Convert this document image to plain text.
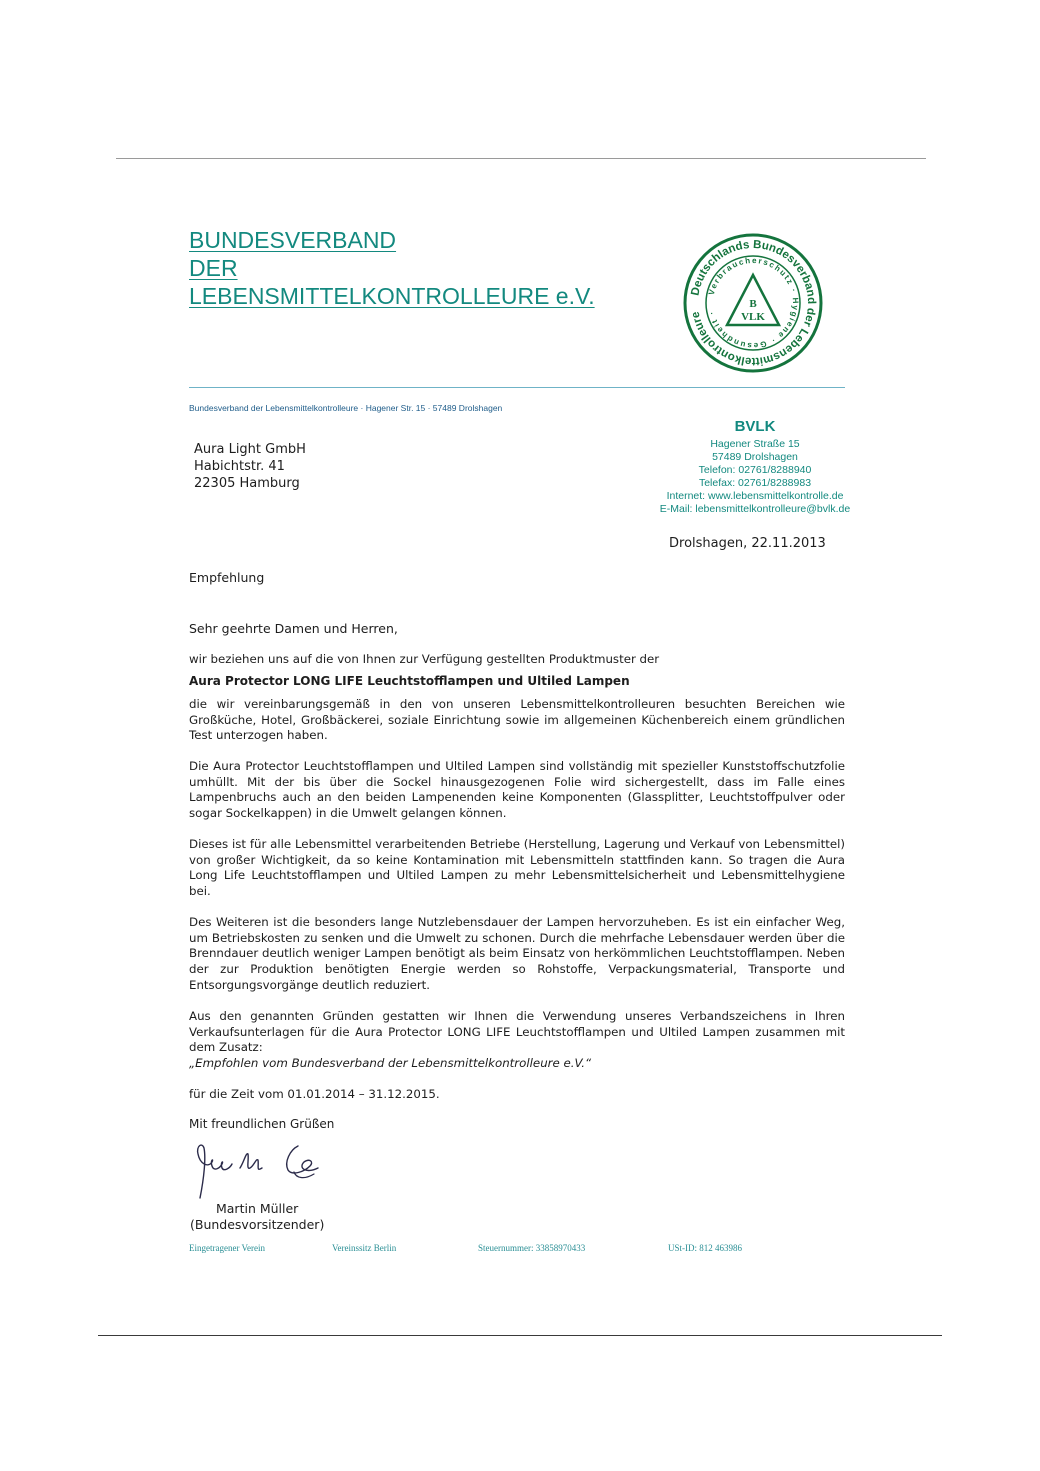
BUNDESVERBAND
DER
LEBENSMITTELKONTROLLEURE e.V.	Deutschlands Bundesverband der Lebensmittelkontrolleure
Verbraucherschutz · Hygiene · Gesundheit ·
B
VLK
Bundesverband der Lebensmittelkontrolleure · Hagener Str. 15 · 57489 Drolshagen
Aura Light GmbH
Habichtstr. 41
22305 Hamburg
BVLK
Hagener Straße 15
57489 Drolshagen
Telefon: 02761/8288940
Telefax: 02761/8288983
Internet: www.lebensmittelkontrolle.de
E-Mail: lebensmittelkontrolleure@bvlk.de
Drolshagen, 22.11.2013
Empfehlung
Sehr geehrte Damen und Herren,
wir beziehen uns auf die von Ihnen zur Verfügung gestellten Produktmuster der
Aura Protector LONG LIFE Leuchtstofflampen und Ultiled Lampen
die wir vereinbarungsgemäß in den von unseren Lebensmittelkontrolleuren besuchten Bereichen wie Großküche, Hotel, Großbäckerei, soziale Einrichtung sowie im allgemeinen Küchenbereich einem gründlichen Test unterzogen haben.
Die Aura Protector Leuchtstofflampen und Ultiled Lampen sind vollständig mit spezieller Kunststoffschutzfolie umhüllt. Mit der bis über die Sockel hinausgezogenen Folie wird sichergestellt, dass im Falle eines Lampenbruchs auch an den beiden Lampenenden keine Komponenten (Glassplitter, Leuchtstoffpulver oder sogar Sockelkappen) in die Umwelt gelangen können.
Dieses ist für alle Lebensmittel verarbeitenden Betriebe (Herstellung, Lagerung und Verkauf von Lebensmittel) von großer Wichtigkeit, da so keine Kontamination mit Lebensmitteln stattfinden kann. So tragen die Aura Long Life Leuchtstofflampen und Ultiled Lampen zu mehr Lebensmittelsicherheit und Lebensmittelhygiene bei.
Des Weiteren ist die besonders lange Nutzlebensdauer der Lampen hervorzuheben. Es ist ein einfacher Weg, um Betriebskosten zu senken und die Umwelt zu schonen. Durch die mehrfache Lebensdauer werden über die Brenndauer deutlich weniger Lampen benötigt als beim Einsatz von herkömmlichen Leuchtstofflampen. Neben der zur Produktion benötigten Energie werden so Rohstoffe, Verpackungsmaterial, Transporte und Entsorgungsvorgänge deutlich reduziert.
Aus den genannten Gründen gestatten wir Ihnen die Verwendung unseres Verbandszeichens in Ihren Verkaufsunterlagen für die Aura Protector LONG LIFE Leuchtstofflampen und Ultiled Lampen zusammen mit dem Zusatz:
„Empfohlen vom Bundesverband der Lebensmittelkontrolleure e.V.“
für die Zeit vom 01.01.2014 – 31.12.2015.
Mit freundlichen Grüßen
Martin Müller
(Bundesvorsitzender)
Eingetragener Verein	Vereinssitz Berlin	Steuernummer: 33858970433	USt-ID: 812 463986
